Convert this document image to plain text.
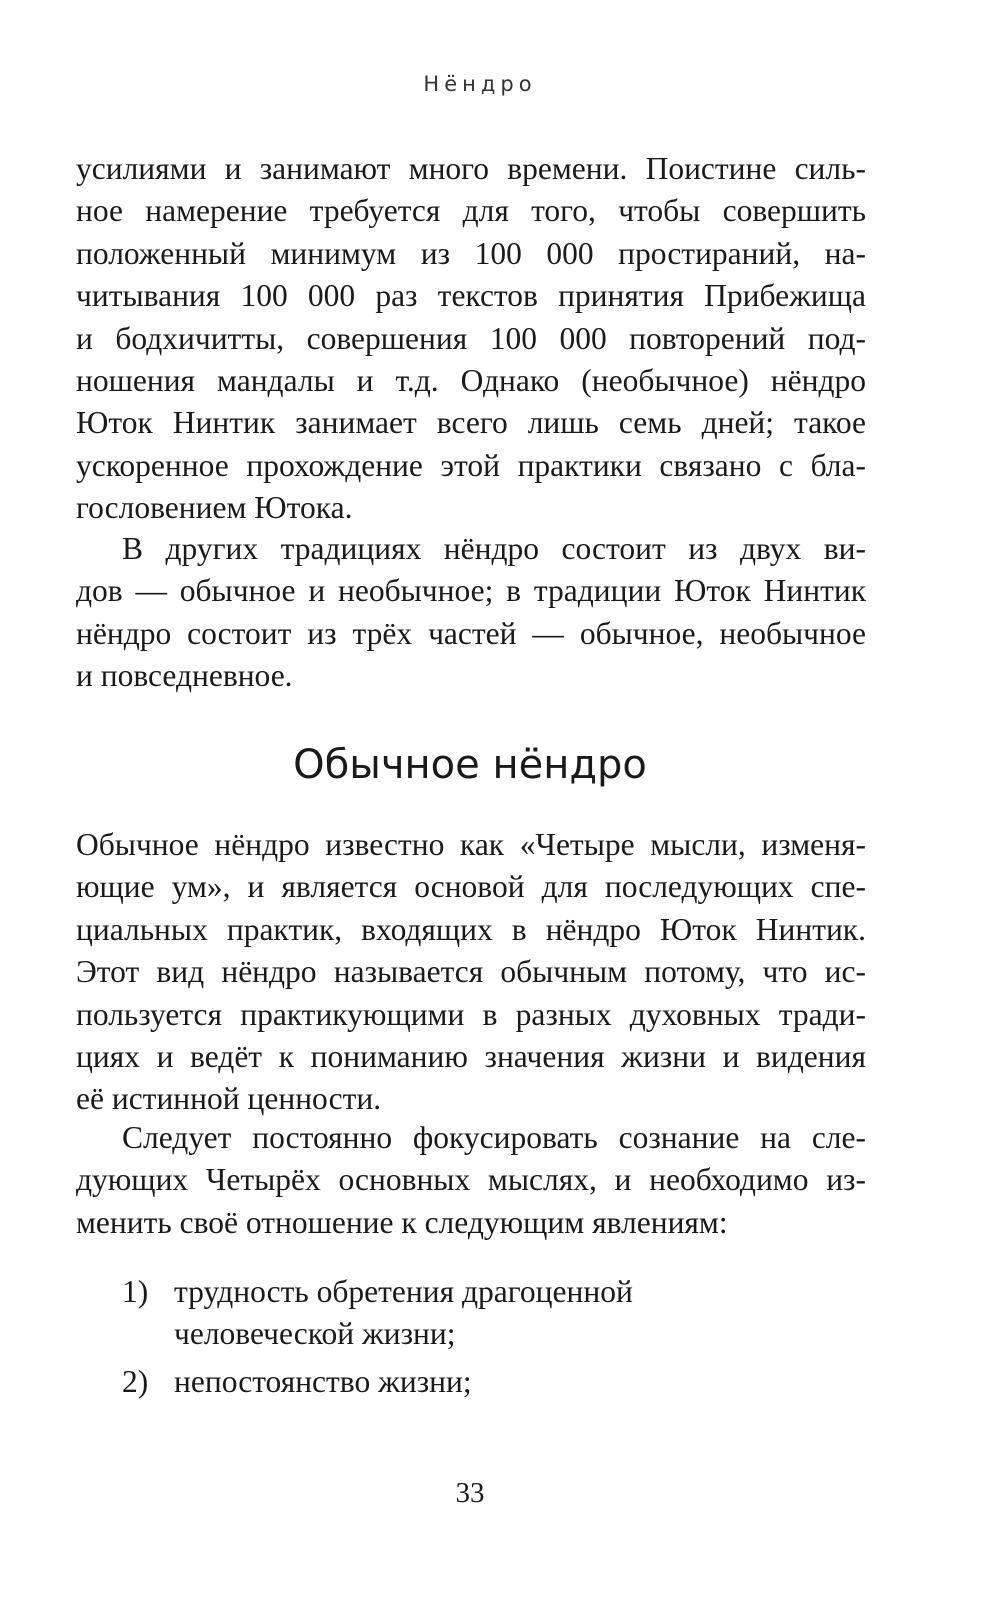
Нёндро
усилиями и занимают много времени. Поистине силь-
ное намерение требуется для того, чтобы совершить
положенный минимум из 100 000 простираний, на-
читывания 100 000 раз текстов принятия Прибежища
и бодхичитты, совершения 100 000 повторений под-
ношения мандалы и т.д. Однако (необычное) нёндро
Юток Нинтик занимает всего лишь семь дней; такое
ускоренное прохождение этой практики связано с бла-
гословением Ютока.
В других традициях нёндро состоит из двух ви-
дов — обычное и необычное; в традиции Юток Нинтик
нёндро состоит из трёх частей — обычное, необычное
и повседневное.
Обычное нёндро
Обычное нёндро известно как «Четыре мысли, изменя-
ющие ум», и является основой для последующих спе-
циальных практик, входящих в нёндро Юток Нинтик.
Этот вид нёндро называется обычным потому, что ис-
пользуется практикующими в разных духовных тради-
циях и ведёт к пониманию значения жизни и видения
её истинной ценности.
Следует постоянно фокусировать сознание на сле-
дующих Четырёх основных мыслях, и необходимо из-
менить своё отношение к следующим явлениям:
1) трудность обретения драгоценной
человеческой жизни;
2) непостоянство жизни;
33
